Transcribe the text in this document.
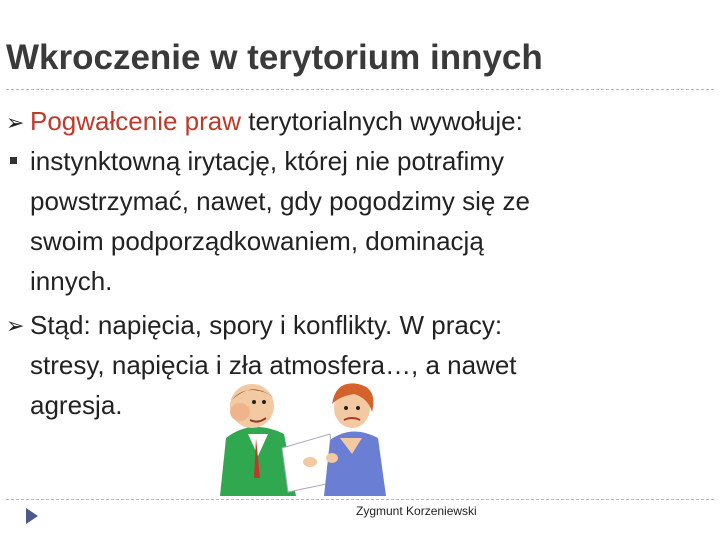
Wkroczenie w terytorium innych
➢ Pogwałcenie praw terytorialnych wywołuje:
instynktowną irytację, której nie potrafimy
powstrzymać, nawet, gdy pogodzimy się ze
swoim podporządkowaniem, dominacją
innych.
➢ Stąd: napięcia, spory i konflikty. W pracy:
stresy, napięcia i zła atmosfera…, a nawet
agresja.
Zygmunt Korzeniewski
